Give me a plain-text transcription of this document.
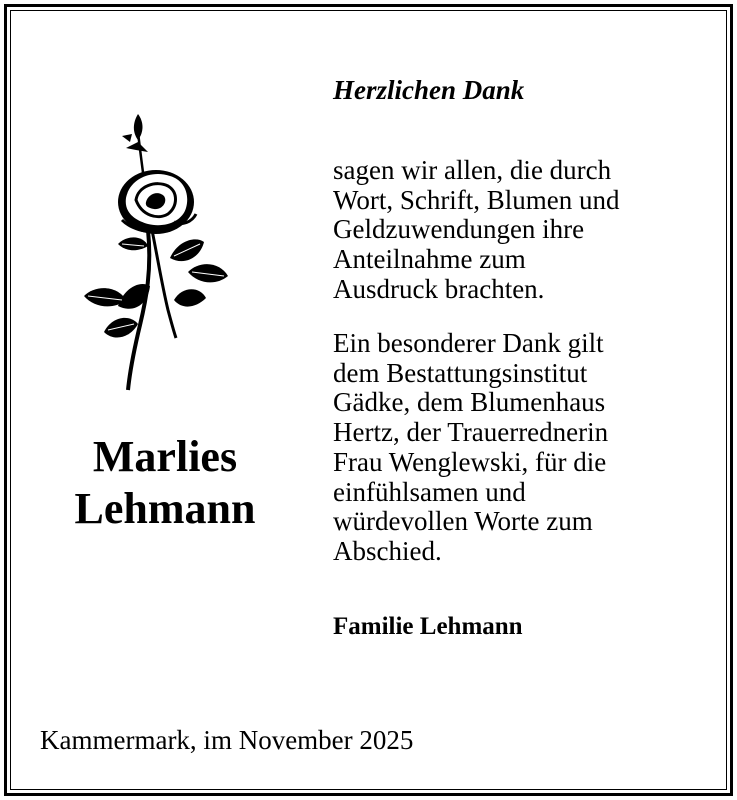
Marlies
Lehmann
Herzlichen Dank
sagen wir allen, die durch
Wort, Schrift, Blumen und
Geldzuwendungen ihre
Anteilnahme zum
Ausdruck brachten.
Ein besonderer Dank gilt
dem Bestattungsinstitut
Gädke, dem Blumenhaus
Hertz, der Trauerrednerin
Frau Wenglewski, für die
einfühlsamen und
würdevollen Worte zum
Abschied.
Familie Lehmann
Kammermark, im November 2025
